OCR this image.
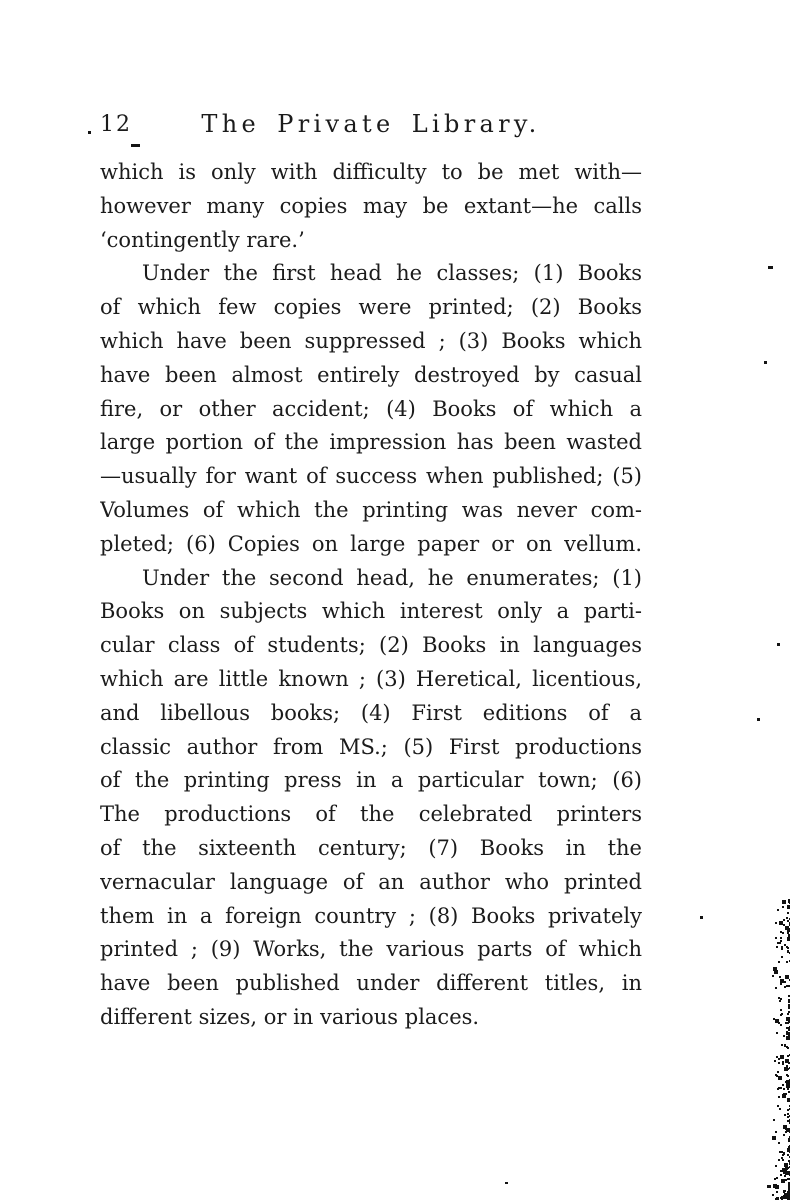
12	The Private Library.
which is only with difficulty to be met with—
however many copies may be extant—he calls
‘contingently rare.’
Under the first head he classes; (1) Books
of which few copies were printed; (2) Books
which have been suppressed ; (3) Books which
have been almost entirely destroyed by casual
fire, or other accident; (4) Books of which a
large portion of the impression has been wasted
—usually for want of success when published; (5)
Volumes of which the printing was never com-
pleted; (6) Copies on large paper or on vellum.
Under the second head, he enumerates; (1)
Books on subjects which interest only a parti-
cular class of students; (2) Books in languages
which are little known ; (3) Heretical, licentious,
and libellous books; (4) First editions of a
classic author from MS.; (5) First productions
of the printing press in a particular town; (6)
The productions of the celebrated printers
of the sixteenth century; (7) Books in the
vernacular language of an author who printed
them in a foreign country ; (8) Books privately
printed ; (9) Works, the various parts of which
have been published under different titles, in
different sizes, or in various places.
